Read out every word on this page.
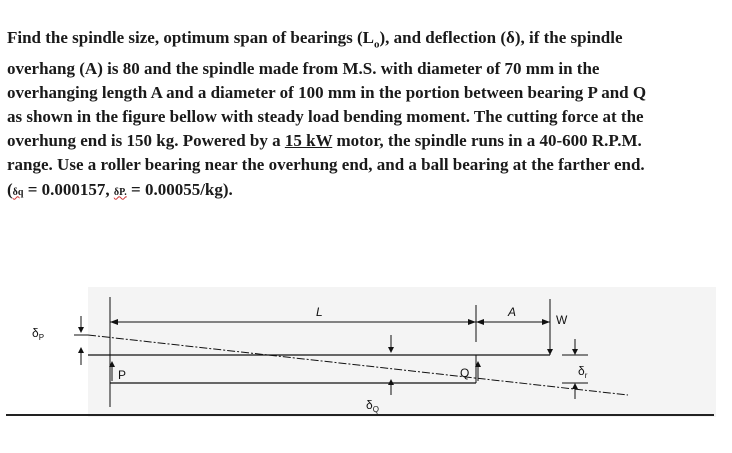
Find the spindle size, optimum span of bearings $(L_o)$, and deflection (δ), if the spindle

overhang (A) is 80 and the spindle made from M.S. with diameter of 70 mm in the

overhanging length A and a diameter of 100 mm in the portion between bearing P and Q

as shown in the figure bellow with steady load bending moment. The cutting force at the

overhung end is 150 kg. Powered by a 15 kW motor, the spindle runs in a 40-600 R.P.M.

range. Use a roller bearing near the overhung end, and a ball bearing at the farther end.

(δq = 0.000157, δP. = 0.00055/kg).

$\delta_P$
L	A
W
P	Q
$\delta_Q$
$\delta_r$
